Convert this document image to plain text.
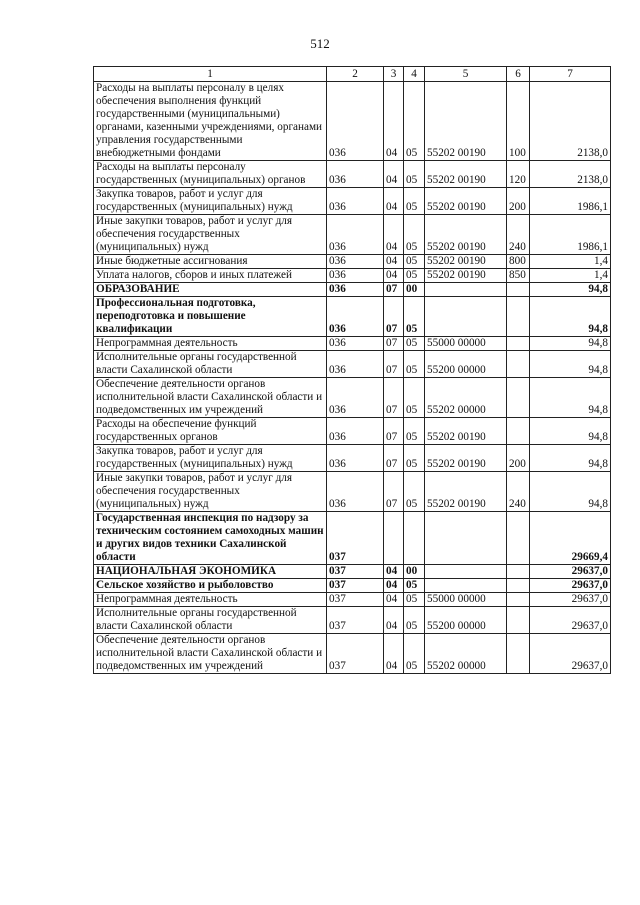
512
1	2	3	4	5	6	7
Расходы на выплаты персоналу в целях обеспечения выполнения функций государственными (муниципальными) органами, казенными учреждениями, органами управления государственными внебюджетными фондами	036	04	05	55202 00190	100	2138,0
Расходы на выплаты персоналу государственных (муниципальных) органов	036	04	05	55202 00190	120	2138,0
Закупка товаров, работ и услуг для государственных (муниципальных) нужд	036	04	05	55202 00190	200	1986,1
Иные закупки товаров, работ и услуг для обеспечения государственных (муниципальных) нужд	036	04	05	55202 00190	240	1986,1
Иные бюджетные ассигнования	036	04	05	55202 00190	800	1,4
Уплата налогов, сборов и иных платежей	036	04	05	55202 00190	850	1,4
ОБРАЗОВАНИЕ	036	07	00			94,8
Профессиональная подготовка, переподготовка и повышение квалификации	036	07	05			94,8
Непрограммная деятельность	036	07	05	55000 00000		94,8
Исполнительные органы государственной власти Сахалинской области	036	07	05	55200 00000		94,8
Обеспечение деятельности органов исполнительной власти Сахалинской области и подведомственных им учреждений	036	07	05	55202 00000		94,8
Расходы на обеспечение функций государственных органов	036	07	05	55202 00190		94,8
Закупка товаров, работ и услуг для государственных (муниципальных) нужд	036	07	05	55202 00190	200	94,8
Иные закупки товаров, работ и услуг для обеспечения государственных (муниципальных) нужд	036	07	05	55202 00190	240	94,8
Государственная инспекция по надзору за техническим состоянием самоходных машин и других видов техники Сахалинской области	037					29669,4
НАЦИОНАЛЬНАЯ ЭКОНОМИКА	037	04	00			29637,0
Сельское хозяйство и рыболовство	037	04	05			29637,0
Непрограммная деятельность	037	04	05	55000 00000		29637,0
Исполнительные органы государственной власти Сахалинской области	037	04	05	55200 00000		29637,0
Обеспечение деятельности органов исполнительной власти Сахалинской области и подведомственных им учреждений	037	04	05	55202 00000		29637,0
